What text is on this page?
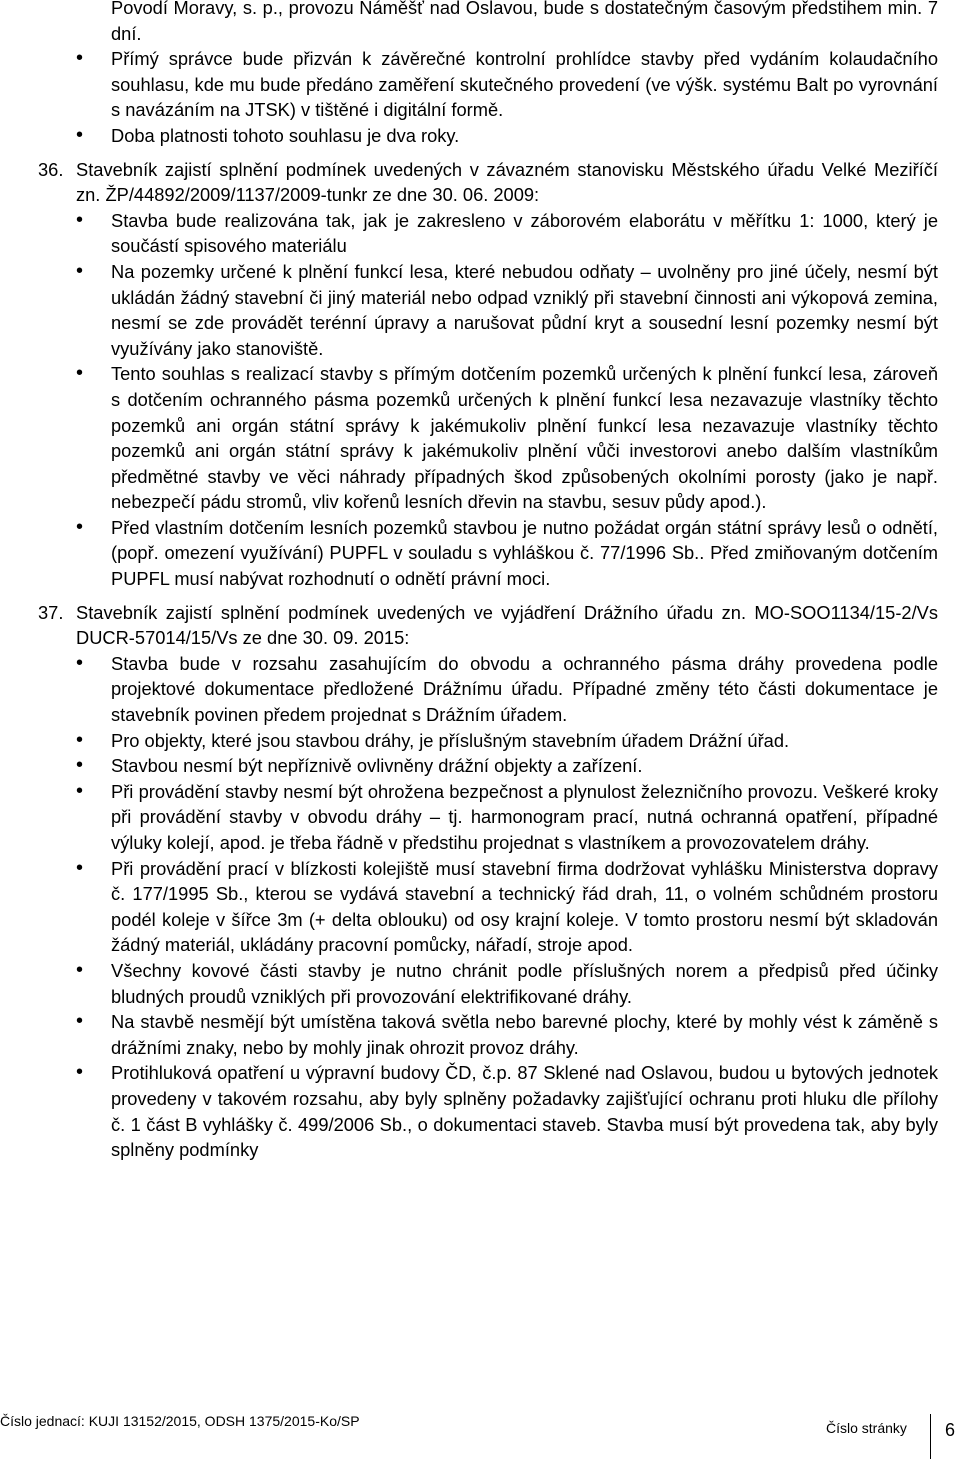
Povodí Moravy, s. p., provozu Náměšť nad Oslavou, bude s dostatečným časovým předstihem min. 7 dní.
• Přímý správce bude přizván k závěrečné kontrolní prohlídce stavby před vydáním kolaudačního souhlasu, kde mu bude předáno zaměření skutečného provedení (ve výšk. systému Balt po vyrovnání s navázáním na JTSK) v tištěné i digitální formě.
• Doba platnosti tohoto souhlasu je dva roky.
36. Stavebník zajistí splnění podmínek uvedených v závazném stanovisku Městského úřadu Velké Meziříčí zn. ŽP/44892/2009/1137/2009-tunkr ze dne 30. 06. 2009:
• Stavba bude realizována tak, jak je zakresleno v záborovém elaborátu v měřítku 1: 1000, který je součástí spisového materiálu
• Na pozemky určené k plnění funkcí lesa, které nebudou odňaty – uvolněny pro jiné účely, nesmí být ukládán žádný stavební či jiný materiál nebo odpad vzniklý při stavební činnosti ani výkopová zemina, nesmí se zde provádět terénní úpravy a narušovat půdní kryt a sousední lesní pozemky nesmí být využívány jako stanoviště.
• Tento souhlas s realizací stavby s přímým dotčením pozemků určených k plnění funkcí lesa, zároveň s dotčením ochranného pásma pozemků určených k plnění funkcí lesa nezavazuje vlastníky těchto pozemků ani orgán státní správy k jakémukoliv plnění funkcí lesa nezavazuje vlastníky těchto pozemků ani orgán státní správy k jakémukoliv plnění vůči investorovi anebo dalším vlastníkům předmětné stavby ve věci náhrady případných škod způsobených okolními porosty (jako je např. nebezpečí pádu stromů, vliv kořenů lesních dřevin na stavbu, sesuv půdy apod.).
• Před vlastním dotčením lesních pozemků stavbou je nutno požádat orgán státní správy lesů o odnětí, (popř. omezení využívání) PUPFL v souladu s vyhláškou č. 77/1996 Sb.. Před zmiňovaným dotčením PUPFL musí nabývat rozhodnutí o odnětí právní moci.
37. Stavebník zajistí splnění podmínek uvedených ve vyjádření Drážního úřadu zn. MO-SOO1134/15-2/Vs DUCR-57014/15/Vs ze dne 30. 09. 2015:
• Stavba bude v rozsahu zasahujícím do obvodu a ochranného pásma dráhy provedena podle projektové dokumentace předložené Drážnímu úřadu. Případné změny této části dokumentace je stavebník povinen předem projednat s Drážním úřadem.
• Pro objekty, které jsou stavbou dráhy, je příslušným stavebním úřadem Drážní úřad.
• Stavbou nesmí být nepříznivě ovlivněny drážní objekty a zařízení.
• Při provádění stavby nesmí být ohrožena bezpečnost a plynulost železničního provozu. Veškeré kroky při provádění stavby v obvodu dráhy – tj. harmonogram prací, nutná ochranná opatření, případné výluky kolejí, apod. je třeba řádně v předstihu projednat s vlastníkem a provozovatelem dráhy.
• Při provádění prací v blízkosti kolejiště musí stavební firma dodržovat vyhlášku Ministerstva dopravy č. 177/1995 Sb., kterou se vydává stavební a technický řád drah, 11, o volném schůdném prostoru podél koleje v šířce 3m (+ delta oblouku) od osy krajní koleje. V tomto prostoru nesmí být skladován žádný materiál, ukládány pracovní pomůcky, nářadí, stroje apod.
• Všechny kovové části stavby je nutno chránit podle příslušných norem a předpisů před účinky bludných proudů vzniklých při provozování elektrifikované dráhy.
• Na stavbě nesmějí být umístěna taková světla nebo barevné plochy, které by mohly vést k záměně s drážními znaky, nebo by mohly jinak ohrozit provoz dráhy.
• Protihluková opatření u výpravní budovy ČD, č.p. 87 Sklené nad Oslavou, budou u bytových jednotek provedeny v takovém rozsahu, aby byly splněny požadavky zajišťující ochranu proti hluku dle přílohy č. 1 část B vyhlášky č. 499/2006 Sb., o dokumentaci staveb. Stavba musí být provedena tak, aby byly splněny podmínky
Číslo jednací: KUJI 13152/2015, ODSH 1375/2015-Ko/SP	Číslo stránky 6
